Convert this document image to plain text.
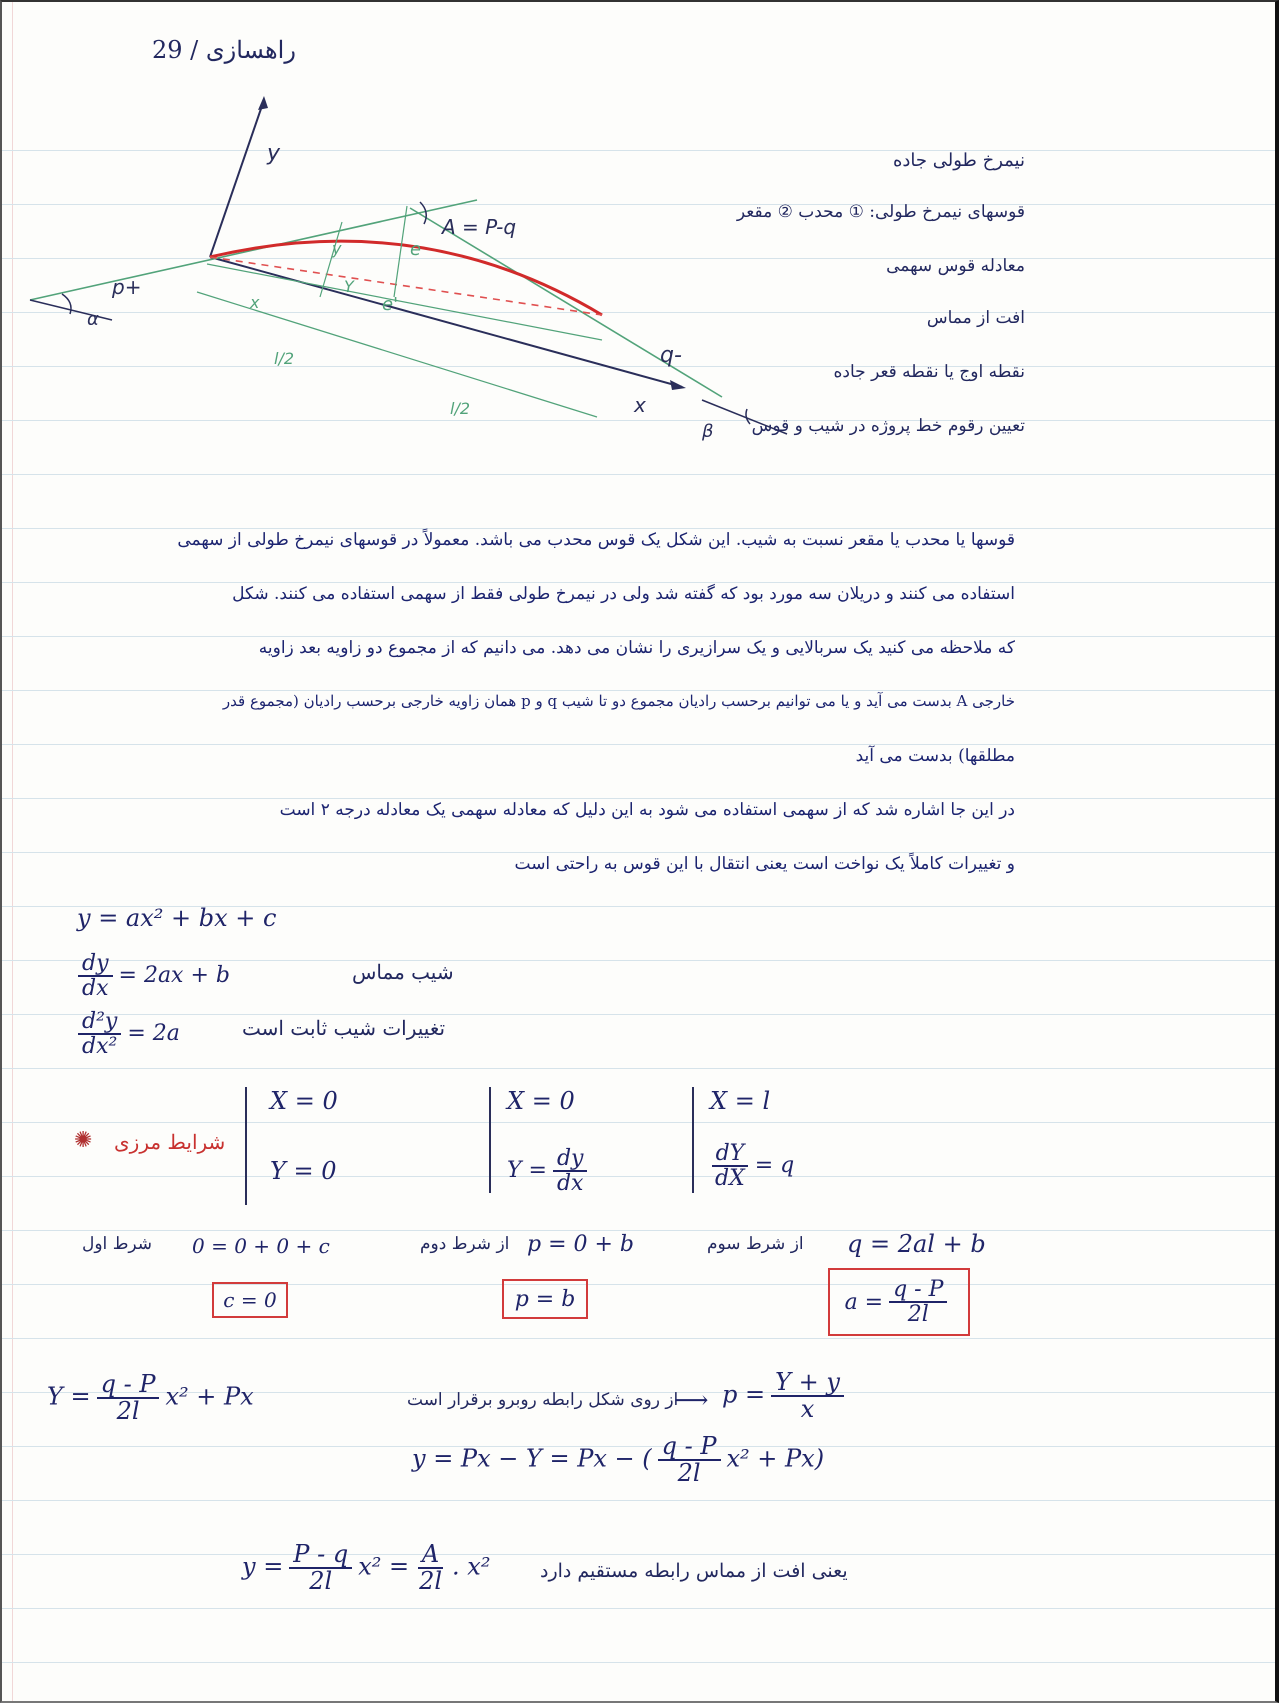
راهسازی / 29
y
x
p+
q-
α
β
A = P-q
e
e'
y
Y
x
l/2
l/2
نیمرخ طولی جاده
قوسهای نیمرخ طولی: ① محدب ② مقعر
معادله قوس سهمی
افت از مماس
نقطه اوج یا نقطه قعر جاده
تعیین رقوم خط پروژه در شیب و قوس
قوسها یا محدب یا مقعر نسبت به شیب. این شکل یک قوس محدب می باشد. معمولاً در قوسهای نیمرخ طولی از سهمی
استفاده می کنند و دریلان سه مورد بود که گفته شد ولی در نیمرخ طولی فقط از سهمی استفاده می کنند. شکل
که ملاحظه می کنید یک سربالایی و یک سرازیری را نشان می دهد. می دانیم که از مجموع دو زاویه بعد زاویه
خارجی A بدست می آید و یا می توانیم برحسب رادیان مجموع دو تا شیب q و p همان زاویه خارجی برحسب رادیان (مجموع قدر
مطلقها) بدست می آید
در این جا اشاره شد که از سهمی استفاده می شود به این دلیل که معادله سهمی یک معادله درجه ۲ است
و تغییرات کاملاً یک نواخت است یعنی انتقال با این قوس به راحتی است
y = ax² + bx + c
$\frac{dy}{dx} = 2ax + b$	شیب مماس
$\frac{\text{d²y}}{\text{dx²}} = 2a$	تغییرات شیب ثابت است
✺ شرایط مرزی
X = 0
Y = 0
X = 0
$Y = \frac{dy}{dx}$
X = l
$\frac{dY}{dX} = q$
0 = 0 + 0 + c
شرط اول
c = 0
p = 0 + b
از شرط دوم
p = b
q = 2al + b
از شرط سوم
$a = \frac{q - P}{2l}$
$Y = \frac{q - P}{2l} x^2 + Px$	از روی شکل رابطه روبرو برقرار است
⟶ $p = \frac{Y + y}{x}$
y = Px − Y = Px − ( $\frac{q - P}{2l} x^2 + Px$)
$y = \frac{P - q}{2l} x^2 = \frac{A}{2l}$ . x²	یعنی افت از مماس رابطه مستقیم دارد
